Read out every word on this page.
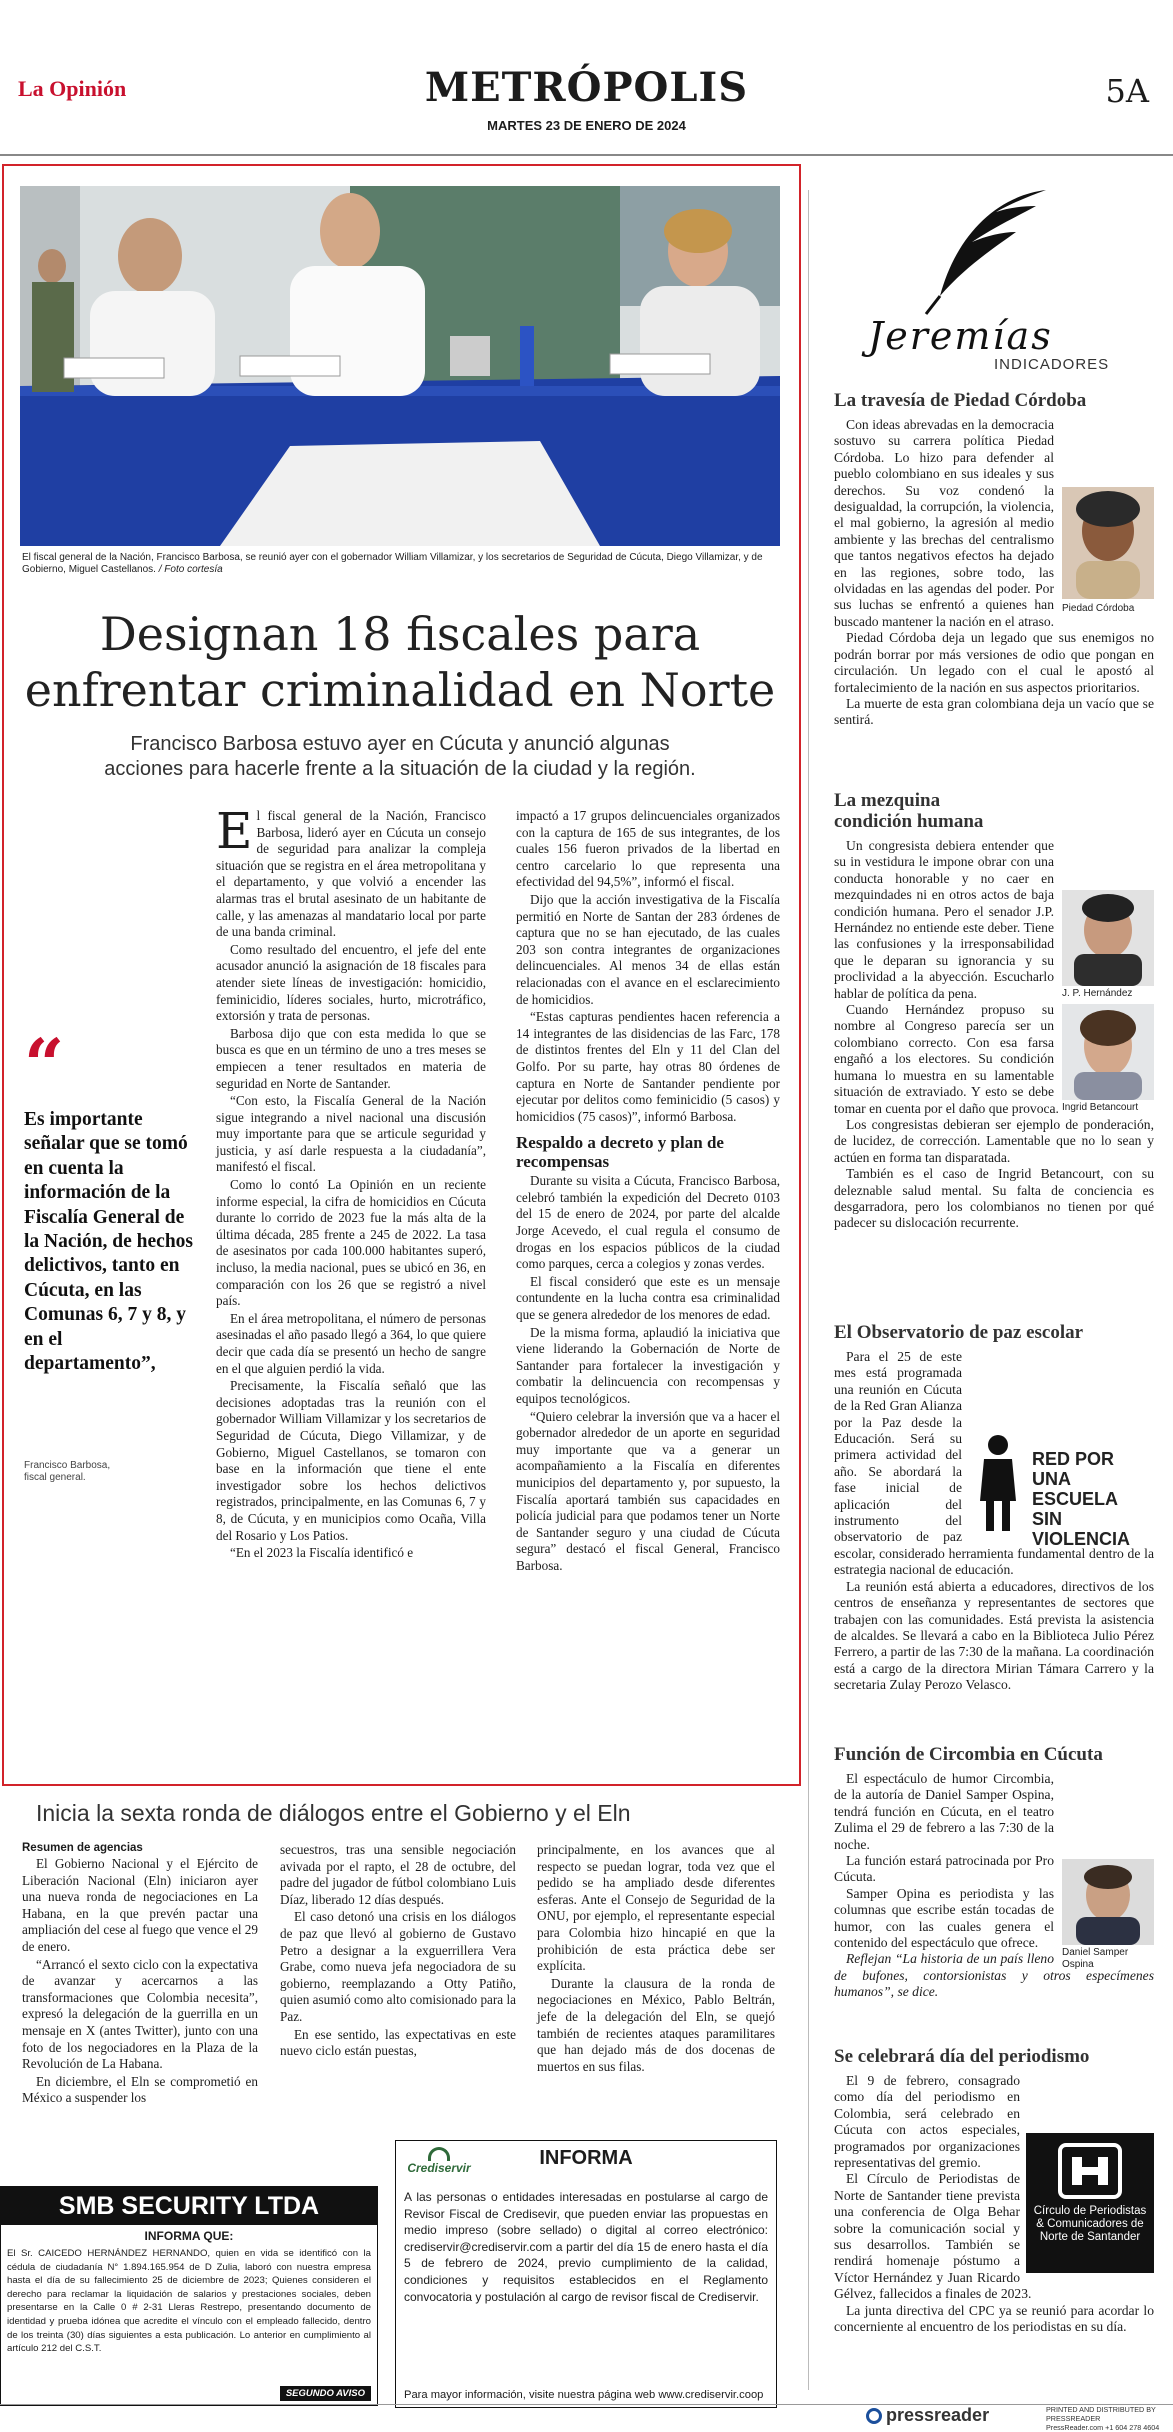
La Opinión	METRÓPOLIS
MARTES 23 DE ENERO DE 2024
5A
El fiscal general de la Nación, Francisco Barbosa, se reunió ayer con el gobernador William Villamizar, y los secretarios de Seguridad de Cúcuta, Diego Villamizar, y de Gobierno, Miguel Castellanos. / Foto cortesía
Designan 18 fiscales para
enfrentar criminalidad en Norte
Francisco Barbosa estuvo ayer en Cúcuta y anunció algunas
acciones para hacerle frente a la situación de la ciudad y la región.
“
Es importante señalar que se tomó en cuenta la información de la Fiscalía General de la Nación, de hechos delictivos, tanto en Cúcuta, en las Comunas 6, 7 y 8, y en el departamento”,
Francisco Barbosa, fiscal general.

El fiscal general de la Nación, Francisco Barbosa, lideró ayer en Cúcuta un consejo de seguridad para analizar la compleja situación que se registra en el área metropolitana y el departamento, y que volvió a encender las alarmas tras el brutal asesinato de un habitante de calle, y las amenazas al mandatario local por parte de una banda criminal.

Como resultado del encuentro, el jefe del ente acusador anunció la asignación de 18 fiscales para atender siete líneas de investigación: homicidio, feminicidio, líderes sociales, hurto, microtráfico, extorsión y trata de personas.

Barbosa dijo que con esta medida lo que se busca es que en un término de uno a tres meses se empiecen a tener resultados en materia de seguridad en Norte de Santander.

“Con esto, la Fiscalía General de la Nación sigue integrando a nivel nacional una discusión muy importante para que se articule seguridad y justicia, y así darle respuesta a la ciudadanía”, manifestó el fiscal.

Como lo contó La Opinión en un reciente informe especial, la cifra de homicidios en Cúcuta durante lo corrido de 2023 fue la más alta de la última década, 285 frente a 245 de 2022. La tasa de asesinatos por cada 100.000 habitantes superó, incluso, la media nacional, pues se ubicó en 36, en comparación con los 26 que se registró a nivel país.

En el área metropolitana, el número de personas asesinadas el año pasado llegó a 364, lo que quiere decir que cada día se presentó un hecho de sangre en el que alguien perdió la vida.

Precisamente, la Fiscalía señaló que las decisiones adoptadas tras la reunión con el gobernador William Villamizar y los secretarios de Seguridad de Cúcuta, Diego Villamizar, y de Gobierno, Miguel Castellanos, se tomaron con base en la información que tiene el ente investigador sobre los hechos delictivos registrados, principalmente, en las Comunas 6, 7 y 8, de Cúcuta, y en municipios como Ocaña, Villa del Rosario y Los Patios.

“En el 2023 la Fiscalía identificó e

impactó a 17 grupos delincuenciales organizados con la captura de 165 de sus integrantes, de los cuales 156 fueron privados de la libertad en centro carcelario lo que representa una efectividad del 94,5%”, informó el fiscal.

Dijo que la acción investigativa de la Fiscalía permitió en Norte de Santan der 283 órdenes de captura que no se han ejecutado, de las cuales 203 son contra integrantes de organizaciones delincuenciales. Al menos 34 de ellas están relacionadas con el avance en el esclarecimiento de homicidios.

“Estas capturas pendientes hacen referencia a 14 integrantes de las disidencias de las Farc, 178 de distintos frentes del Eln y 11 del Clan del Golfo. Por su parte, hay otras 80 órdenes de captura en Norte de Santander pendiente por ejecutar por delitos como feminicidio (5 casos) y homicidios (75 casos)”, informó Barbosa.

Respaldo a decreto y plan de recompensas

Durante su visita a Cúcuta, Francisco Barbosa, celebró también la expedición del Decreto 0103 del 15 de enero de 2024, por parte del alcalde Jorge Acevedo, el cual regula el consumo de drogas en los espacios públicos de la ciudad como parques, cerca a colegios y zonas verdes.

El fiscal consideró que este es un mensaje contundente en la lucha contra esa criminalidad que se genera alrededor de los menores de edad.

De la misma forma, aplaudió la iniciativa que viene liderando la Gobernación de Norte de Santander para fortalecer la investigación y combatir la delincuencia con recompensas y equipos tecnológicos.

“Quiero celebrar la inversión que va a hacer el gobernador alrededor de un aporte en seguridad muy importante que va a generar un acompañamiento a la Fiscalía en diferentes municipios del departamento y, por supuesto, la Fiscalía aportará también sus capacidades en policía judicial para que podamos tener un Norte de Santander seguro y una ciudad de Cúcuta segura” destacó el fiscal General, Francisco Barbosa.

Inicia la sexta ronda de diálogos entre el Gobierno y el Eln
Resumen de agencias

El Gobierno Nacional y el Ejército de Liberación Nacional (Eln) iniciaron ayer una nueva ronda de negociaciones en La Habana, en la que prevén pactar una ampliación del cese al fuego que vence el 29 de enero.

“Arrancó el sexto ciclo con la expectativa de avanzar y acercarnos a las transformaciones que Colombia necesita”, expresó la delegación de la guerrilla en un mensaje en X (antes Twitter), junto con una foto de los negociadores en la Plaza de la Revolución de La Habana.

En diciembre, el Eln se comprometió en México a suspender los

secuestros, tras una sensible negociación avivada por el rapto, el 28 de octubre, del padre del jugador de fútbol colombiano Luis Díaz, liberado 12 días después.

El caso detonó una crisis en los diálogos de paz que llevó al gobierno de Gustavo Petro a designar a la exguerrillera Vera Grabe, como nueva jefa negociadora de su gobierno, reemplazando a Otty Patiño, quien asumió como alto comisionado para la Paz.

En ese sentido, las expectativas en este nuevo ciclo están puestas,

principalmente, en los avances que al respecto se puedan lograr, toda vez que el pedido se ha ampliado desde diferentes esferas. Ante el Consejo de Seguridad de la ONU, por ejemplo, el representante especial para Colombia hizo hincapié en que la prohibición de esta práctica debe ser explícita.

Durante la clausura de la ronda de negociaciones en México, Pablo Beltrán, jefe de la delegación del Eln, se quejó también de recientes ataques paramilitares que han dejado más de dos docenas de muertos en sus filas.

SMB SECURITY LTDA
INFORMA QUE:
El Sr. CAICEDO HERNÁNDEZ HERNANDO, quien en vida se identificó con la cédula de ciudadanía N° 1.894.165.954 de D Zulia, laboró con nuestra empresa hasta el día de su fallecimiento 25 de diciembre de 2023; Quienes consideren el derecho para reclamar la liquidación de salarios y prestaciones sociales, deben presentarse en la Calle 0 # 2-31 Lleras Restrepo, presentando documento de identidad y prueba idónea que acredite el vínculo con el empleado fallecido, dentro de los treinta (30) días siguientes a esta publicación. Lo anterior en cumplimiento al artículo 212 del C.S.T.
SEGUNDO AVISO
Crediservir	INFORMA
A las personas o entidades interesadas en postularse al cargo de Revisor Fiscal de Credisevir, que pueden enviar las propuestas en medio impreso (sobre sellado) o digital al correo electrónico: crediservir@crediservir.com a partir del día 15 de enero hasta el día 5 de febrero de 2024, previo cumplimiento de la calidad, condiciones y requisitos establecidos en el Reglamento convocatoria y postulación al cargo de revisor fiscal de Crediservir.
Para mayor información, visite nuestra página web www.crediservir.coop
Jeremías
INDICADORES
La travesía de Piedad Córdoba
Piedad Córdoba

Con ideas abrevadas en la democracia sostuvo su carrera política Piedad Córdoba. Lo hizo para defender al pueblo colombiano en sus ideales y sus derechos. Su voz condenó la desigualdad, la corrupción, la violencia, el mal gobierno, la agresión al medio ambiente y las brechas del centralismo que tantos negativos efectos ha dejado en las regiones, sobre todo, las olvidadas en las agendas del poder. Por sus luchas se enfrentó a quienes han buscado mantener la nación en el atraso.

Piedad Córdoba deja un legado que sus enemigos no podrán borrar por más versiones de odio que pongan en circulación. Un legado con el cual le apostó al fortalecimiento de la nación en sus aspectos prioritarios.

La muerte de esta gran colombiana deja un vacío que se sentirá.

La mezquina condición humana
J. P. Hernández
Ingrid Betancourt

Un congresista debiera entender que su in vestidura le impone obrar con una conducta honorable y no caer en mezquindades ni en otros actos de baja condición humana. Pero el senador J.P. Hernández no entiende este deber. Tiene las confusiones y la irresponsabilidad que le deparan su ignorancia y su proclividad a la abyección. Escucharlo hablar de política da pena.

Cuando Hernández propuso su nombre al Congreso parecía ser un colombiano correcto. Con esa farsa engañó a los electores. Su condición humana lo muestra en su lamentable situación de extraviado. Y esto se debe tomar en cuenta por el daño que provoca.

Los congresistas debieran ser ejemplo de ponderación, de lucidez, de corrección. Lamentable que no lo sean y actúen en forma tan disparatada.

También es el caso de Ingrid Betancourt, con su deleznable salud mental. Su falta de conciencia es desgarradora, pero los colombianos no tienen por qué padecer su dislocación recurrente.

El Observatorio de paz escolar
RED POR UNA ESCUELA SIN VIOLENCIA

Para el 25 de este mes está programada una reunión en Cúcuta de la Red Gran Alianza por la Paz desde la Educación. Será su primera actividad del año. Se abordará la fase inicial de aplicación del instrumento del observatorio de paz escolar, considerado herramienta fundamental dentro de la estrategia nacional de educación.

La reunión está abierta a educadores, directivos de los centros de enseñanza y representantes de sectores que trabajen con las comunidades. Está prevista la asistencia de alcaldes. Se llevará a cabo en la Biblioteca Julio Pérez Ferrero, a partir de las 7:30 de la mañana. La coordinación está a cargo de la directora Mirian Támara Carrero y la secretaria Zulay Perozo Velasco.

Función de Circombia en Cúcuta
Daniel Samper Ospina

El espectáculo de humor Circombia, de la autoría de Daniel Samper Ospina, tendrá función en Cúcuta, en el teatro Zulima el 29 de febrero a las 7:30 de la noche.

La función estará patrocinada por Pro Cúcuta.

Samper Opina es periodista y las columnas que escribe están tocadas de humor, con las cuales genera el contenido del espectáculo que ofrece.

Reflejan “La historia de un país lleno de bufones, contorsionistas y otros especímenes humanos”, se dice.

Se celebrará día del periodismo
Círculo de Periodistas & Comunicadores de Norte de Santander

El 9 de febrero, consagrado como día del periodismo en Colombia, será celebrado en Cúcuta con actos especiales, programados por organizaciones representativas del gremio.

El Círculo de Periodistas de Norte de Santander tiene prevista una conferencia de Olga Behar sobre la comunicación social y sus desarrollos. También se rendirá homenaje póstumo a Víctor Hernández y Juan Ricardo Gélvez, fallecidos a finales de 2023.

La junta directiva del CPC ya se reunió para acordar lo concerniente al encuentro de los periodistas en su día.

pressreader	PRINTED AND DISTRIBUTED BY PRESSREADER
PressReader.com +1 604 278 4604
